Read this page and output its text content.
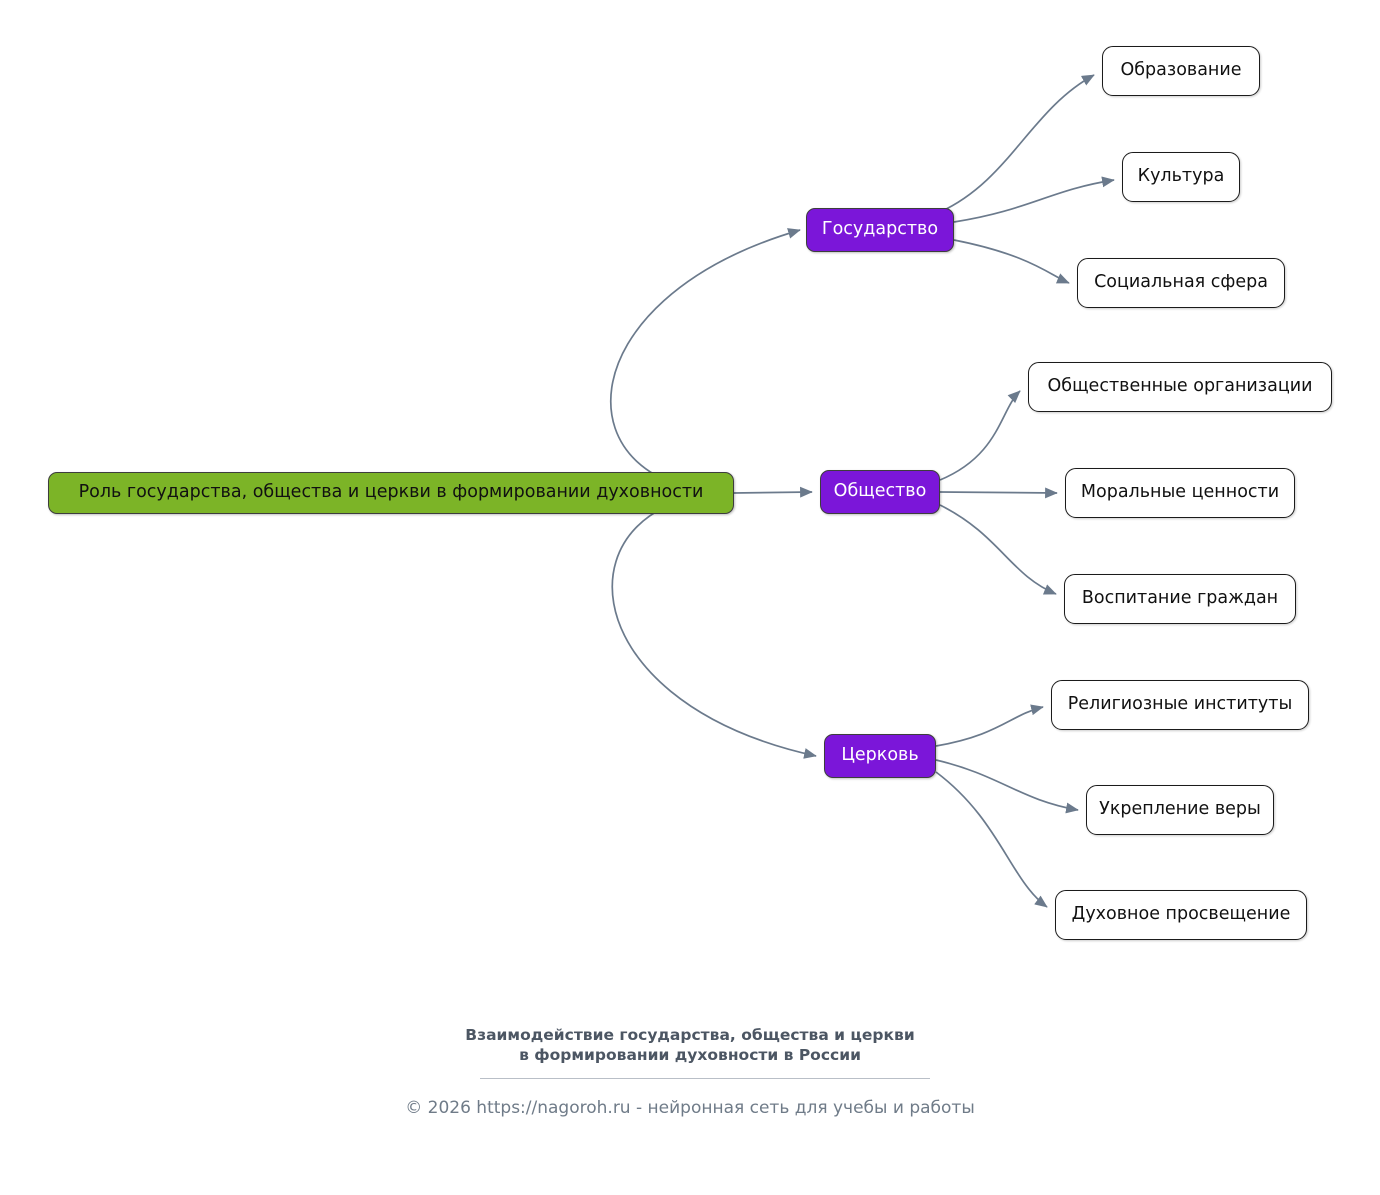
Роль государства, общества и церкви в формировании духовности
Государство
Образование
Культура
Социальная сфера
Общество
Общественные организации
Моральные ценности
Воспитание граждан
Церковь
Религиозные институты
Укрепление веры
Духовное просвещение
Взаимодействие государства, общества и церкви
в формировании духовности в России
© 2026 https://nagoroh.ru - нейронная сеть для учебы и работы
